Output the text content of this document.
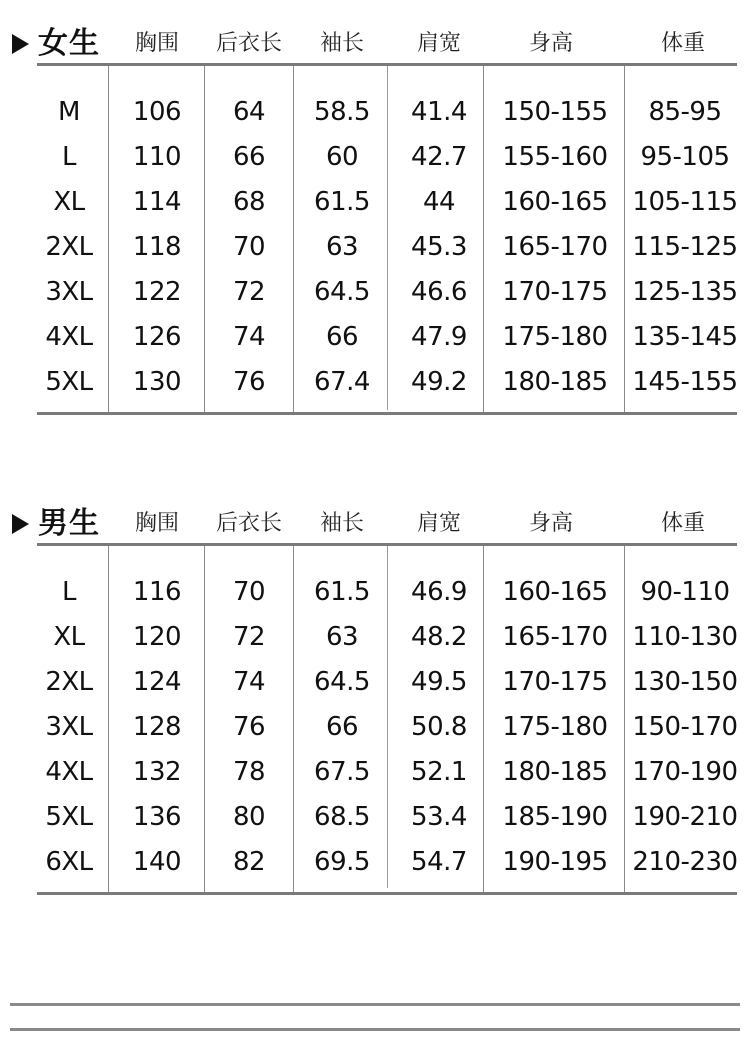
女生 胸围 后衣长 袖长 肩宽	身高	体重
M 106 64 58.5 41.4 150-155 85-95
L 110 66 60 42.7 155-160 95-105
XL 114 68 61.5 44 160-165 105-115
2XL 118 70 63 45.3 165-170 115-125
3XL 122 72 64.5 46.6 170-175 125-135
4XL 126 74 66 47.9 175-180 135-145
5XL 130 76 67.4 49.2 180-185 145-155
男生 胸围 后衣长 袖长 肩宽	身高	体重
L 116 70 61.5 46.9 160-165 90-110
XL 120 72 63 48.2 165-170 110-130
2XL 124 74 64.5 49.5 170-175 130-150
3XL 128 76 66 50.8 175-180 150-170
4XL 132 78 67.5 52.1 180-185 170-190
5XL 136 80 68.5 53.4 185-190 190-210
6XL 140 82 69.5 54.7 190-195 210-230
